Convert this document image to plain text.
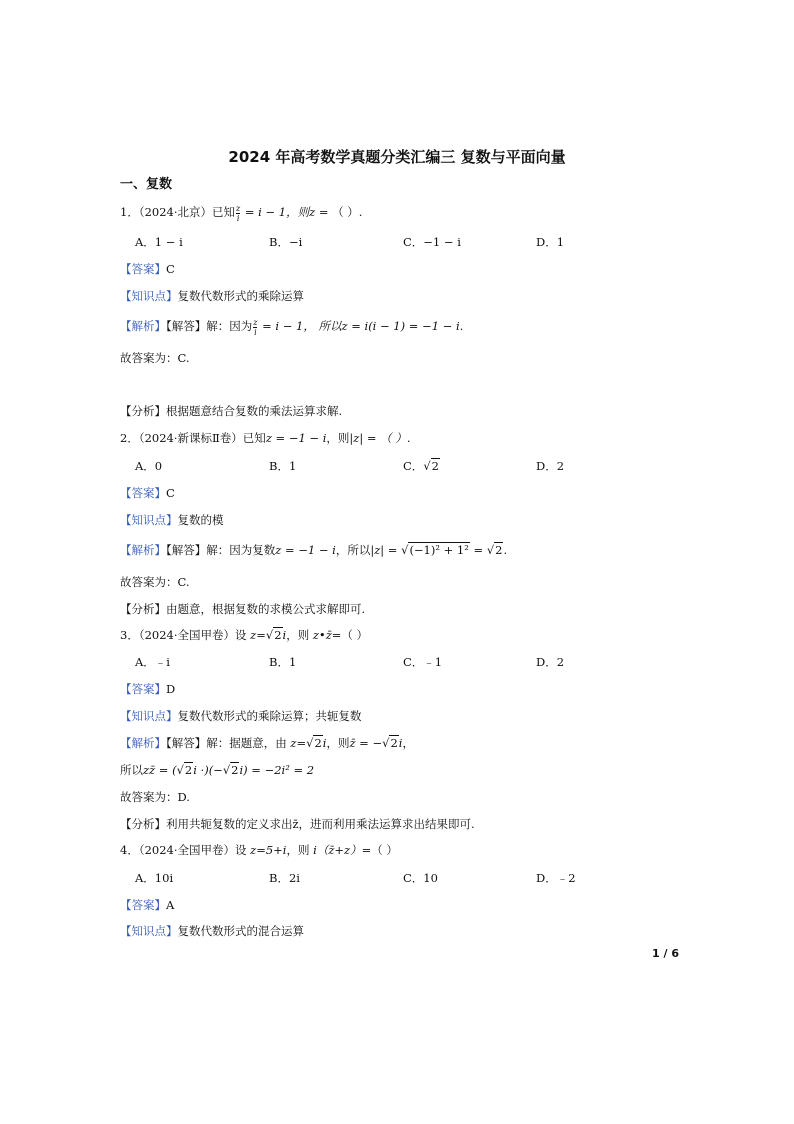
2024 年高考数学真题分类汇编三 复数与平面向量
一、复数
1．（2024·北京）已知 $\frac{z}{i} = i - 1$，则z = （ ）.
A．1 − i	B．−i	C．−1 − i	D．1
【答案】C
【知识点】复数代数形式的乘除运算
【解析】【解答】解：因为 $\frac{z}{i} = i - 1$， 所以z = i(i − 1) = −1 − i.
故答案为：C.
【分析】根据题意结合复数的乘法运算求解.
2．（2024·新课标Ⅱ卷）已知z = −1 − i，则|z| = （ ）.
A．0	B．1	C．√2	D．2
【答案】C
【知识点】复数的模
【解析】【解答】解：因为复数z = −1 − i，所以|z| = √(−1)² + 1² = √2.
故答案为：C.
【分析】由题意，根据复数的求模公式求解即可.
3．（2024·全国甲卷）设 z=√2i，则 z•z̄=（ ）
A．﹣i	B．1	C．﹣1	D．2
【答案】D
【知识点】复数代数形式的乘除运算；共轭复数
【解析】【解答】解：据题意，由 z=√2i，则z̄ = −√2i，
所以zz̄ = (√2i ·)(−√2i) = −2i² = 2
故答案为：D.
【分析】利用共轭复数的定义求出z̄，进而利用乘法运算求出结果即可.
4．（2024·全国甲卷）设 z=5+i，则 i（z̄+z）=（ ）
A．10i	B．2i	C．10	D．﹣2
【答案】A
【知识点】复数代数形式的混合运算
1 / 6
